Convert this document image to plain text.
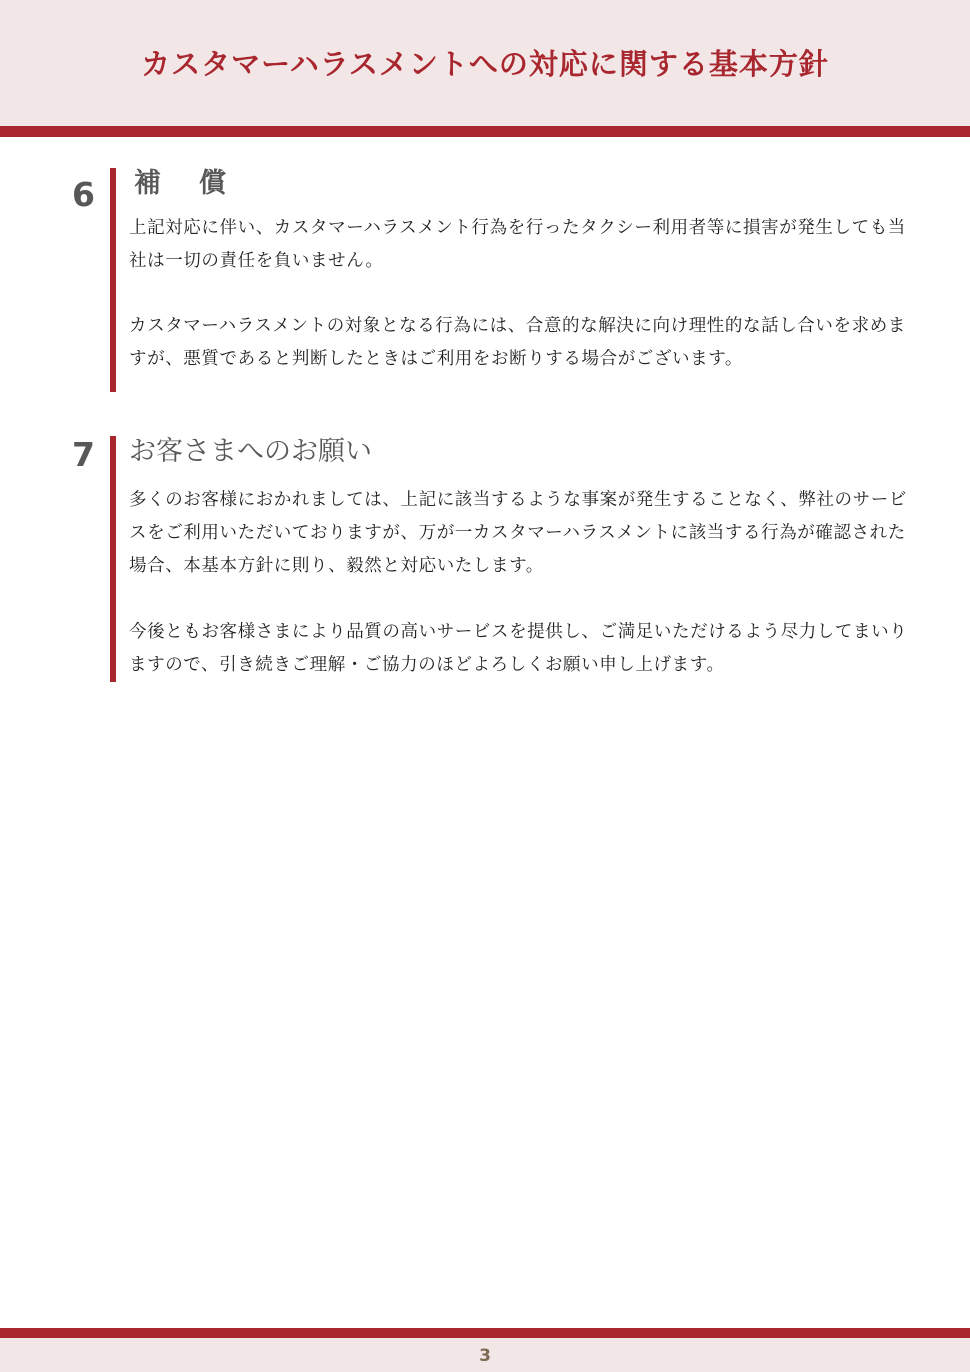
カスタマーハラスメントへの対応に関する基本方針
6 補償
上記対応に伴い、カスタマーハラスメント行為を行ったタクシー利用者等に損害が発生しても当社は一切の責任を負いません。
カスタマーハラスメントの対象となる行為には、合意的な解決に向け理性的な話し合いを求めますが、悪質であると判断したときはご利用をお断りする場合がございます。
7 お客さまへのお願い
多くのお客様におかれましては、上記に該当するような事案が発生することなく、弊社のサービスをご利用いただいておりますが、万が一カスタマーハラスメントに該当する行為が確認された場合、本基本方針に則り、毅然と対応いたします。
今後ともお客様さまにより品質の高いサービスを提供し、ご満足いただけるよう尽力してまいりますので、引き続きご理解・ご協力のほどよろしくお願い申し上げます。
3
